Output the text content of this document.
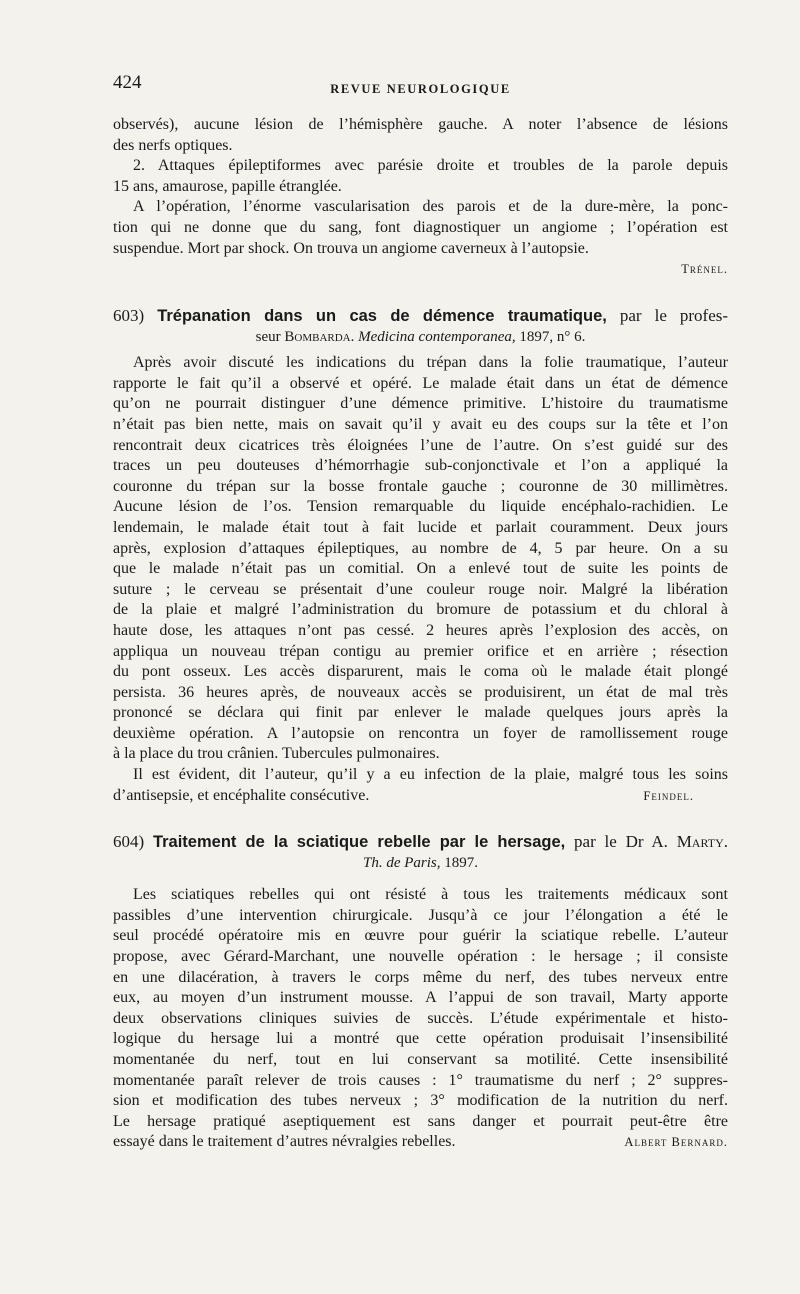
424	REVUE NEUROLOGIQUE
observés), aucune lésion de l’hémisphère gauche. A noter l’absence de lésions
des nerfs optiques.
2. Attaques épileptiformes avec parésie droite et troubles de la parole depuis
15 ans, amaurose, papille étranglée.
A l’opération, l’énorme vascularisation des parois et de la dure-mère, la ponc-
tion qui ne donne que du sang, font diagnostiquer un angiome ; l’opération est
suspendue. Mort par shock. On trouva un angiome caverneux à l’autopsie.
Trénel.
603) Trépanation dans un cas de démence traumatique, par le profes-
seur Bombarda. Medicina contemporanea, 1897, n° 6.
Après avoir discuté les indications du trépan dans la folie traumatique, l’auteur
rapporte le fait qu’il a observé et opéré. Le malade était dans un état de démence
qu’on ne pourrait distinguer d’une démence primitive. L’histoire du traumatisme
n’était pas bien nette, mais on savait qu’il y avait eu des coups sur la tête et l’on
rencontrait deux cicatrices très éloignées l’une de l’autre. On s’est guidé sur des
traces un peu douteuses d’hémorrhagie sub-conjonctivale et l’on a appliqué la
couronne du trépan sur la bosse frontale gauche ; couronne de 30 millimètres.
Aucune lésion de l’os. Tension remarquable du liquide encéphalo-rachidien. Le
lendemain, le malade était tout à fait lucide et parlait couramment. Deux jours
après, explosion d’attaques épileptiques, au nombre de 4, 5 par heure. On a su
que le malade n’était pas un comitial. On a enlevé tout de suite les points de
suture ; le cerveau se présentait d’une couleur rouge noir. Malgré la libération
de la plaie et malgré l’administration du bromure de potassium et du chloral à
haute dose, les attaques n’ont pas cessé. 2 heures après l’explosion des accès, on
appliqua un nouveau trépan contigu au premier orifice et en arrière ; résection
du pont osseux. Les accès disparurent, mais le coma où le malade était plongé
persista. 36 heures après, de nouveaux accès se produisirent, un état de mal très
prononcé se déclara qui finit par enlever le malade quelques jours après la
deuxième opération. A l’autopsie on rencontra un foyer de ramollissement rouge
à la place du trou crânien. Tubercules pulmonaires.
Il est évident, dit l’auteur, qu’il y a eu infection de la plaie, malgré tous les soins
d’antisepsie, et encéphalite consécutive.	Feindel.
604) Traitement de la sciatique rebelle par le hersage, par le Dr A. Marty.
Th. de Paris, 1897.
Les sciatiques rebelles qui ont résisté à tous les traitements médicaux sont
passibles d’une intervention chirurgicale. Jusqu’à ce jour l’élongation a été le
seul procédé opératoire mis en œuvre pour guérir la sciatique rebelle. L’auteur
propose, avec Gérard-Marchant, une nouvelle opération : le hersage ; il consiste
en une dilacération, à travers le corps même du nerf, des tubes nerveux entre
eux, au moyen d’un instrument mousse. A l’appui de son travail, Marty apporte
deux observations cliniques suivies de succès. L’étude expérimentale et histo-
logique du hersage lui a montré que cette opération produisait l’insensibilité
momentanée du nerf, tout en lui conservant sa motilité. Cette insensibilité
momentanée paraît relever de trois causes : 1° traumatisme du nerf ; 2° suppres-
sion et modification des tubes nerveux ; 3° modification de la nutrition du nerf.
Le hersage pratiqué aseptiquement est sans danger et pourrait peut-être être
essayé dans le traitement d’autres névralgies rebelles.	Albert Bernard.
